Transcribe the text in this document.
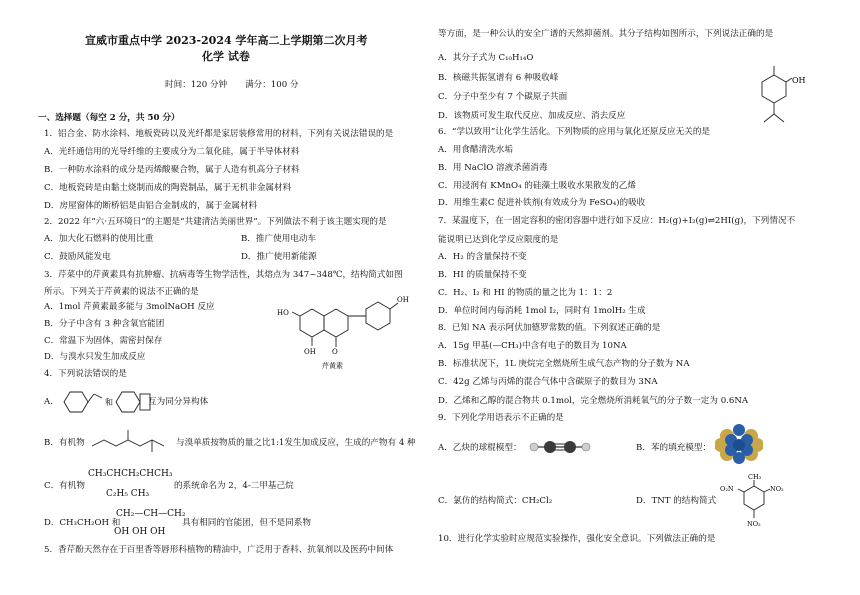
宣威市重点中学 2023-2024 学年高二上学期第二次月考
化学 试卷
时间：120 分钟 满分：100 分
一、选择题（每空 2 分，共 50 分）
1．铝合金、防水涂料、地板瓷砖以及光纤都是家居装修常用的材料，下列有关说法错误的是
A．光纤通信用的光导纤维的主要成分为二氧化硅，属于半导体材料
B．一种防水涂料的成分是丙烯酸聚合物，属于人造有机高分子材料
C．地板瓷砖是由黏土烧制而成的陶瓷制品，属于无机非金属材料
D．房屋窗体的断桥铝是由铝合金制成的，属于金属材料
2．2022 年“六·五环境日”的主题是“共建清洁美丽世界”。下列做法不利于该主题实现的是
A．加大化石燃料的使用比重	B．推广使用电动车
C．鼓励风能发电	D．推广使用新能源
3．芹菜中的芹黄素具有抗肿瘤、抗病毒等生物学活性，其熔点为 347~348℃，结构简式如图
所示。下列关于芹黄素的说法不正确的是
A．1mol 芹黄素最多能与 3molNaOH 反应
B．分子中含有 3 种含氧官能团
C．常温下为固体，需密封保存
D．与溴水只发生加成反应
HO
OH
OH O
芹黄素
4．下列说法错误的是
A．	和	互为同分异构体
B．有机物	与溴单质按物质的量之比1:1发生加成反应，生成的产物有 4 种
C．有机物
CH₃CHCH₂CHCH₃
C₂H₅ CH₃
的系统命名为 2，4-二甲基己烷
D．CH₃CH₂OH 和
CH₂—CH—CH₂
OH OH OH
具有相同的官能团，但不是同系物
5．香芹酚天然存在于百里香等唇形科植物的精油中，广泛用于香料、抗氧剂以及医药中间体
等方面，是一种公认的安全广谱的天然抑菌剂。其分子结构如图所示，下列说法正确的是
A．其分子式为 C₁₀H₁₄O
B．核磁共振氢谱有 6 种吸收峰
C．分子中至少有 7 个碳原子共面
D．该物质可发生取代反应、加成反应、消去反应
OH
6．“学以致用”让化学生活化。下列物质的应用与氧化还原反应无关的是
A．用食醋清洗水垢
B．用 NaClO 溶液杀菌消毒
C．用浸润有 KMnO₄ 的硅藻土吸收水果散发的乙烯
D．用维生素C 促进补铁剂(有效成分为 FeSO₄)的吸收
7．某温度下，在一固定容积的密闭容器中进行如下反应：H₂(g)+I₂(g)⇌2HI(g)，下列情况不
能说明已达到化学反应限度的是
A．H₂ 的含量保持不变
B．HI 的质量保持不变
C．H₂、I₂ 和 HI 的物质的量之比为 1：1：2
D．单位时间内每消耗 1mol I₂，同时有 1molH₂ 生成
8．已知 NA 表示阿伏加德罗常数的值。下列叙述正确的是
A．15g 甲基(—CH₃)中含有电子的数目为 10NA
B．标准状况下，1L 庚烷完全燃烧所生成气态产物的分子数为 NA
C．42g 乙烯与丙烯的混合气体中含碳原子的数目为 3NA
D．乙烯和乙醇的混合物共 0.1mol，完全燃烧所消耗氧气的分子数一定为 0.6NA
9．下列化学用语表示不正确的是
A．乙炔的球棍模型：	B．苯的填充模型：
C．氯仿的结构简式：CH₂Cl₂	D．TNT 的结构简式
CH₃
O₂N	NO₂
NO₂
10．进行化学实验时应规范实验操作，强化安全意识。下列做法正确的是
